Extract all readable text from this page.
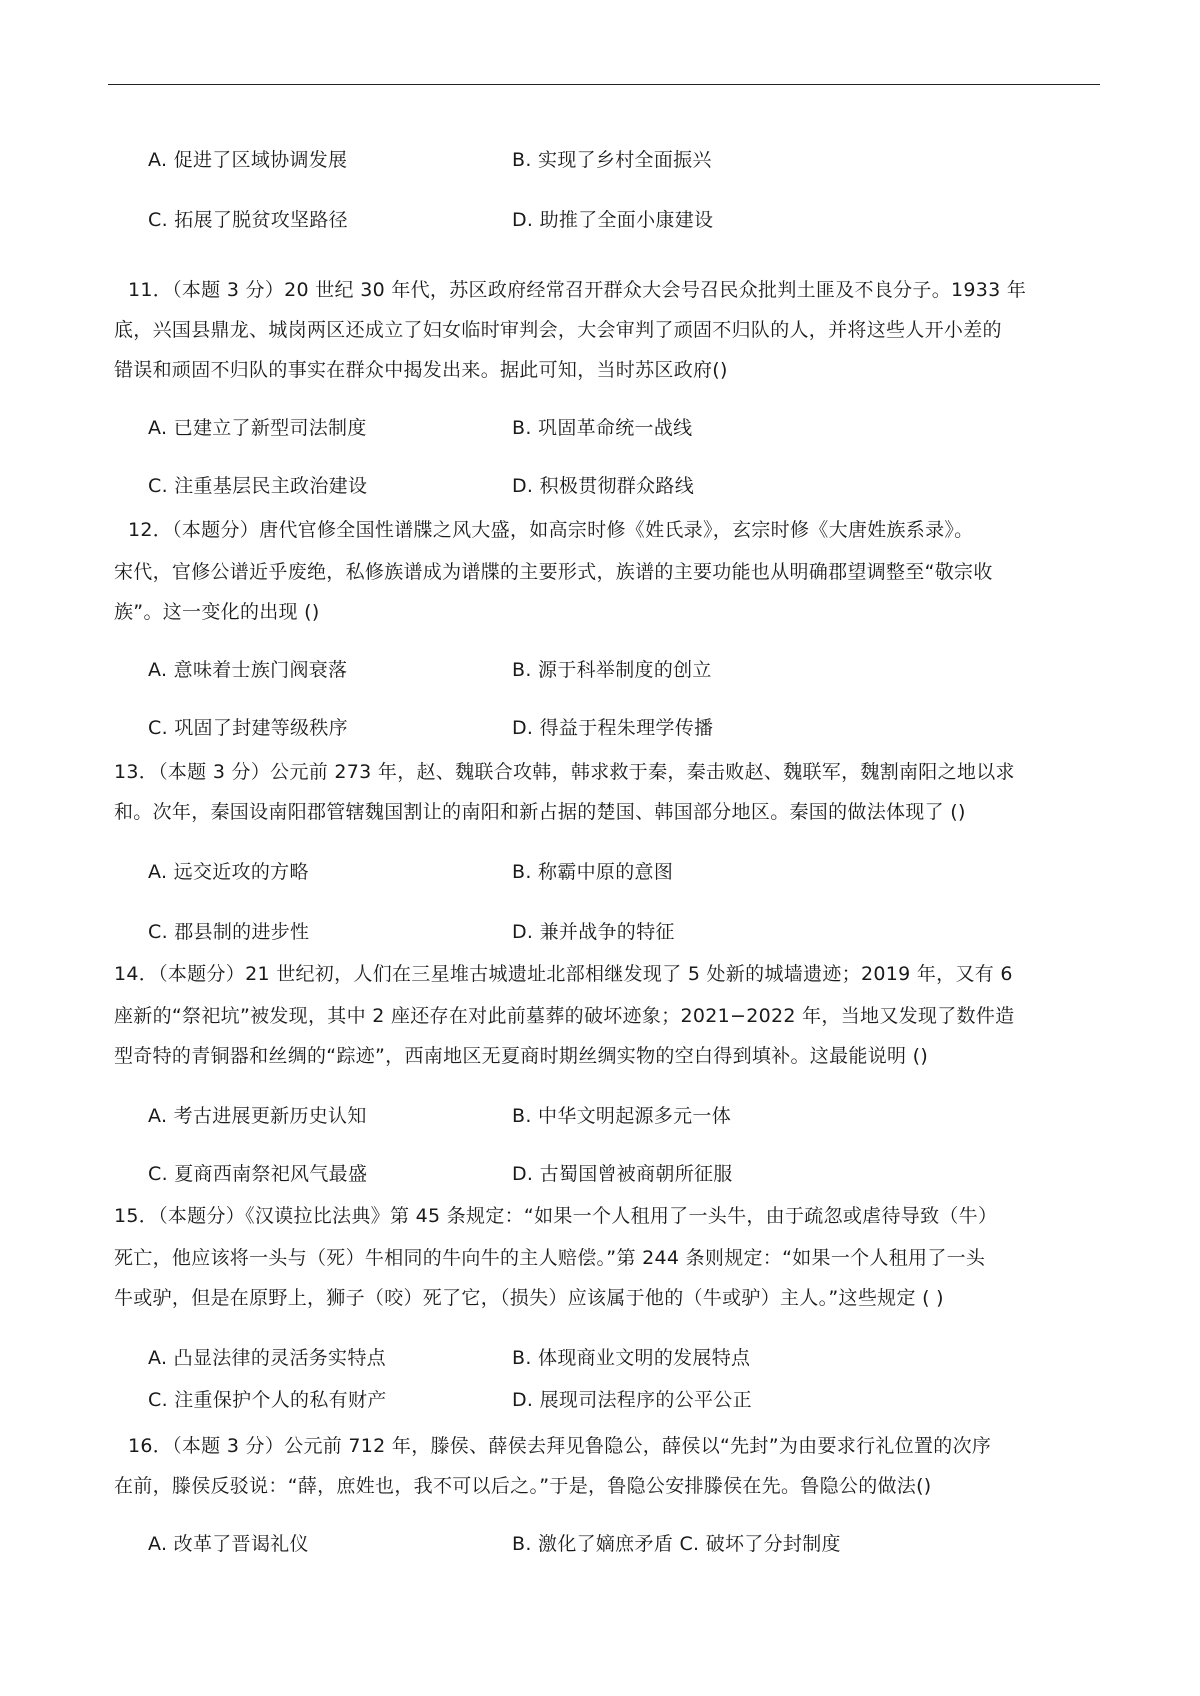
A. 促进了区域协调发展	B. 实现了乡村全面振兴
C. 拓展了脱贫攻坚路径	D. 助推了全面小康建设
11．（本题 3 分）20 世纪 30 年代，苏区政府经常召开群众大会号召民众批判土匪及不良分子。1933 年
底，兴国县鼎龙、城岗两区还成立了妇女临时审判会，大会审判了顽固不归队的人，并将这些人开小差的
错误和顽固不归队的事实在群众中揭发出来。据此可知，当时苏区政府()
A. 已建立了新型司法制度	B. 巩固革命统一战线
C. 注重基层民主政治建设	D. 积极贯彻群众路线
12．（本题分）唐代官修全国性谱牒之风大盛，如高宗时修《姓氏录》，玄宗时修《大唐姓族系录》。
宋代，官修公谱近乎废绝，私修族谱成为谱牒的主要形式，族谱的主要功能也从明确郡望调整至“敬宗收
族”。这一变化的出现 ()
A. 意味着士族门阀衰落	B. 源于科举制度的创立
C. 巩固了封建等级秩序	D. 得益于程朱理学传播
13．（本题 3 分）公元前 273 年，赵、魏联合攻韩，韩求救于秦，秦击败赵、魏联军，魏割南阳之地以求
和。次年，秦国设南阳郡管辖魏国割让的南阳和新占据的楚国、韩国部分地区。秦国的做法体现了 ()
A. 远交近攻的方略	B. 称霸中原的意图
C. 郡县制的进步性	D. 兼并战争的特征
14．（本题分）21 世纪初，人们在三星堆古城遗址北部相继发现了 5 处新的城墙遗迹；2019 年，又有 6
座新的“祭祀坑”被发现，其中 2 座还存在对此前墓葬的破坏迹象；2021−2022 年，当地又发现了数件造
型奇特的青铜器和丝绸的“踪迹”，西南地区无夏商时期丝绸实物的空白得到填补。这最能说明 ()
A. 考古进展更新历史认知	B. 中华文明起源多元一体
C. 夏商西南祭祀风气最盛	D. 古蜀国曾被商朝所征服
15．（本题分）《汉谟拉比法典》第 45 条规定：“如果一个人租用了一头牛，由于疏忽或虐待导致（牛）
死亡，他应该将一头与（死）牛相同的牛向牛的主人赔偿。”第 244 条则规定：“如果一个人租用了一头
牛或驴，但是在原野上，狮子（咬）死了它，（损失）应该属于他的（牛或驴）主人。”这些规定 ( )
A. 凸显法律的灵活务实特点	B. 体现商业文明的发展特点
C. 注重保护个人的私有财产	D. 展现司法程序的公平公正
16．（本题 3 分）公元前 712 年，滕侯、薛侯去拜见鲁隐公，薛侯以“先封”为由要求行礼位置的次序
在前，滕侯反驳说：“薛，庶姓也，我不可以后之。”于是，鲁隐公安排滕侯在先。鲁隐公的做法()
A. 改革了晋谒礼仪	B. 激化了嫡庶矛盾 C. 破坏了分封制度
